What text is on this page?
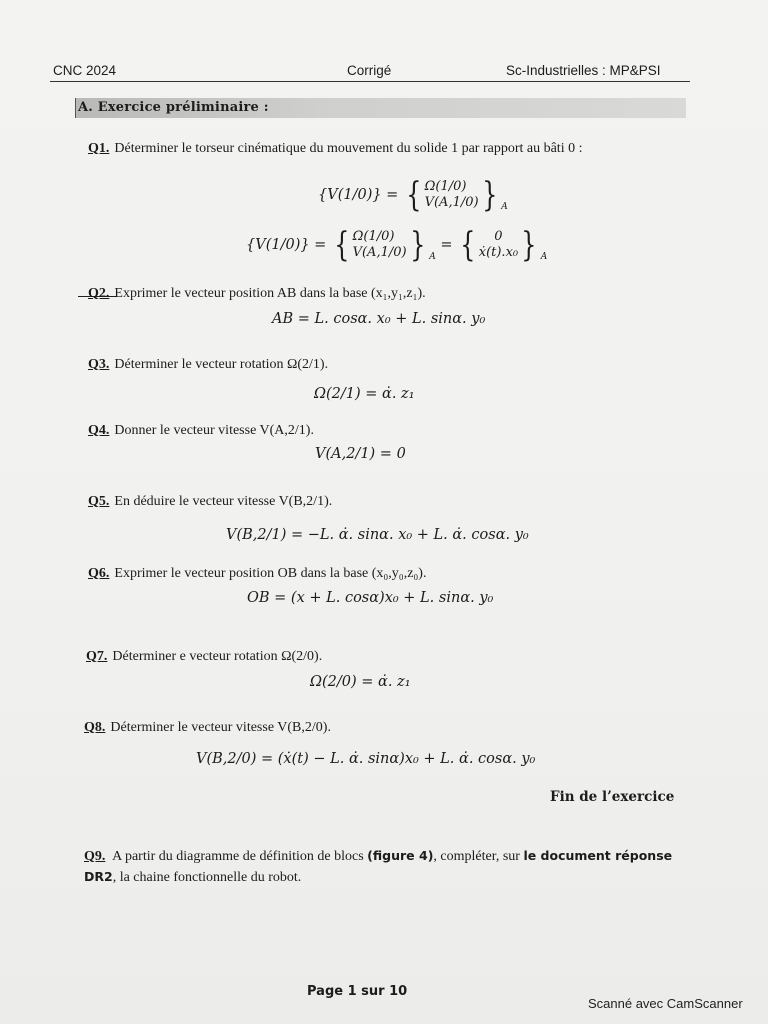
CNC 2024	Corrigé	Sc-Industrielles : MP&PSI
A. Exercice préliminaire :
Q1. Déterminer le torseur cinématique du mouvement du solide 1 par rapport au bâti 0 :
{V(1/0)} = { Ω(1/0)
V(A,1/0) } A
{V(1/0)} = { Ω(1/0)
V(A,1/0) } A
= { 0
ẋ(t).x₀ } A
Q2. Exprimer le vecteur position AB dans la base (x₁,y₁,z₁).
AB = L. cosα. x₀ + L. sinα. y₀
Q3. Déterminer le vecteur rotation Ω(2/1).
Ω(2/1) = α̇. z₁
Q4. Donner le vecteur vitesse V(A,2/1).
V(A,2/1) = 0
Q5. En déduire le vecteur vitesse V(B,2/1).
V(B,2/1) = −L. α̇. sinα. x₀ + L. α̇. cosα. y₀
Q6. Exprimer le vecteur position OB dans la base (x₀,y₀,z₀).
OB = (x + L. cosα)x₀ + L. sinα. y₀
Q7. Déterminer e vecteur rotation Ω(2/0).
Ω(2/0) = α̇. z₁
Q8. Déterminer le vecteur vitesse V(B,2/0).
V(B,2/0) = (ẋ(t) − L. α̇. sinα)x₀ + L. α̇. cosα. y₀
Fin de l’exercice
Q9. A partir du diagramme de définition de blocs (figure 4), compléter, sur le document réponse DR2, la chaine fonctionnelle du robot.
Page 1 sur 10
Scanné avec CamScanner
